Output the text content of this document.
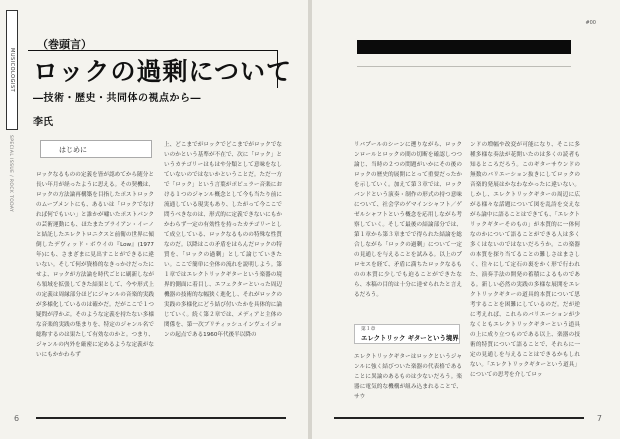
MUSICOLOGIST
SPECIAL ISSUE / ROCK TODAY
（巻頭言）
ロックの過剰について
―技術・歴史・共同体の視点から―
李氏
はじめに
ロックなるものの定義を皆が認めてから随分と長い年月が経ったように思える。その契機は、ロックの方法論再構築を目指したポストロックのムーブメントにも、あるいは「ロックでなければ何でもいい」と誰かが嘯いたポストパンクの芸術運動にも、ほたまたブライアン・イーノと結託したエレクトロニクスと前衛の世界に傾倒したデヴィッド・ボウイの『Low』(1977年)にも、さまざまに見出すことができるに違いない。そして何が資格的なきっかけだったにせよ、ロックが方法論を時代ごとに刷新しながら領域を拡張してきた結果として、今や形式上の定義は周縁部分ほどにジャンルの音楽的実践が多様化しているのは確かだ。だがここで１つ疑問が浮かぶ。そのような定義を持たない多様な音楽的実践の集まりを、特定のジャンル名で総称するのは果たして有効なのかと。つまり、ジャンルの内外を厳密に定めるような定義がないにもかかわらず
上、どこまでがロックでどこまでがロックでないのかという基準が不在で、次に「ロック」というカテゴリーはもはや分類として意味をなしていないのではないかということだ。ただ一方で「ロック」という言葉がポピュラー音楽における１つのジャンル概念として今も当たり前に流通している現実もあり、したがって今ここで問うべきなのは、形式的に定義できないにもかかわらず一定の有効性を持ったカテゴリーとして成立している、ロックなるものの特殊な性質なのだ。以降はこの矛盾をはらんだロックの特質を、「ロックの過剰」として論じていきたい。ここで簡単に全体の流れを説明しよう。第１章ではエレクトリックギターという楽器の境界的側面に着目し、エフェクターといった周辺機器の技術的な幅狭く進化し、それがロックの実践の多様化にどう結び付いたかを具体的に論じていく。続く第２章では、メディアと主体の関係を、第一次ブリティッシュインヴェイジョンの起点である1960年代後半以降の
6
#00
リバプールのシーンに遡りながら、ロックンロールとロックの間の切断を確認しつつ論じ、当時の２つの問題がいかにその後のロックの歴史的展開にとって重要だったかを示していく。加えて第３章では、ロックバンドという演奏・制作の形式の持つ意味について、社会学のゲマインシャフト／ゲゼルシャフトという概念を応用しながら考察していく。そして最後の結論部分では、第１章から第３章までで得られた結論を総合しながら「ロックの過剰」について一定の見通しを与えることを試みる。以上のプロセスを経て、矛盾に満ちたロックなるものの本質に少しでも迫ることができたなら、本稿の目的は十分に達せられたと言えるだろう。
第１章
エレクトリック ギターという境界
エレクトリックギターはロックというジャンルに強く結びついた楽器の代表格であることに異論のあるものは少ないだろう。楽器に電気的な機構が組み込まれることで、サウ
ンドの増幅や改変が可能になり、そこに多種多様な奏法が花開いたのは多くの読者も知るところだろう。このギターサウンドの無数のバリエーション抜きにしてロックの音楽的発展はかなわなかったに違いない。しかし、エレクトリックギターの周辺に広がる様々な話題について図を乱詩を交えながら論中に語ることはできても、「エレクトリックギターそのもの」が本質的に一体何なのかについて語ることができる人は多く多くはないのではないだろうか。この楽器の本質を探り当てることの難しさはまさしく、往々にして定石の裏をかく形で行われた、演奏手法の開発の蓄積によるものである。新しい必然の実践の多様な展開をエレクトリックギターの道具的本質について思考することを困難にしているのだ。だが逆に考えれば、これらのバリエーションが少なくともエレクトリックギターという道具の上に成り立つものである以上、楽器の技術的特質について語ることで、それらに一定の見通しを与えることはできるかもしれない。「エレクトリックギターという道具」についての思考を介してロッ
7
